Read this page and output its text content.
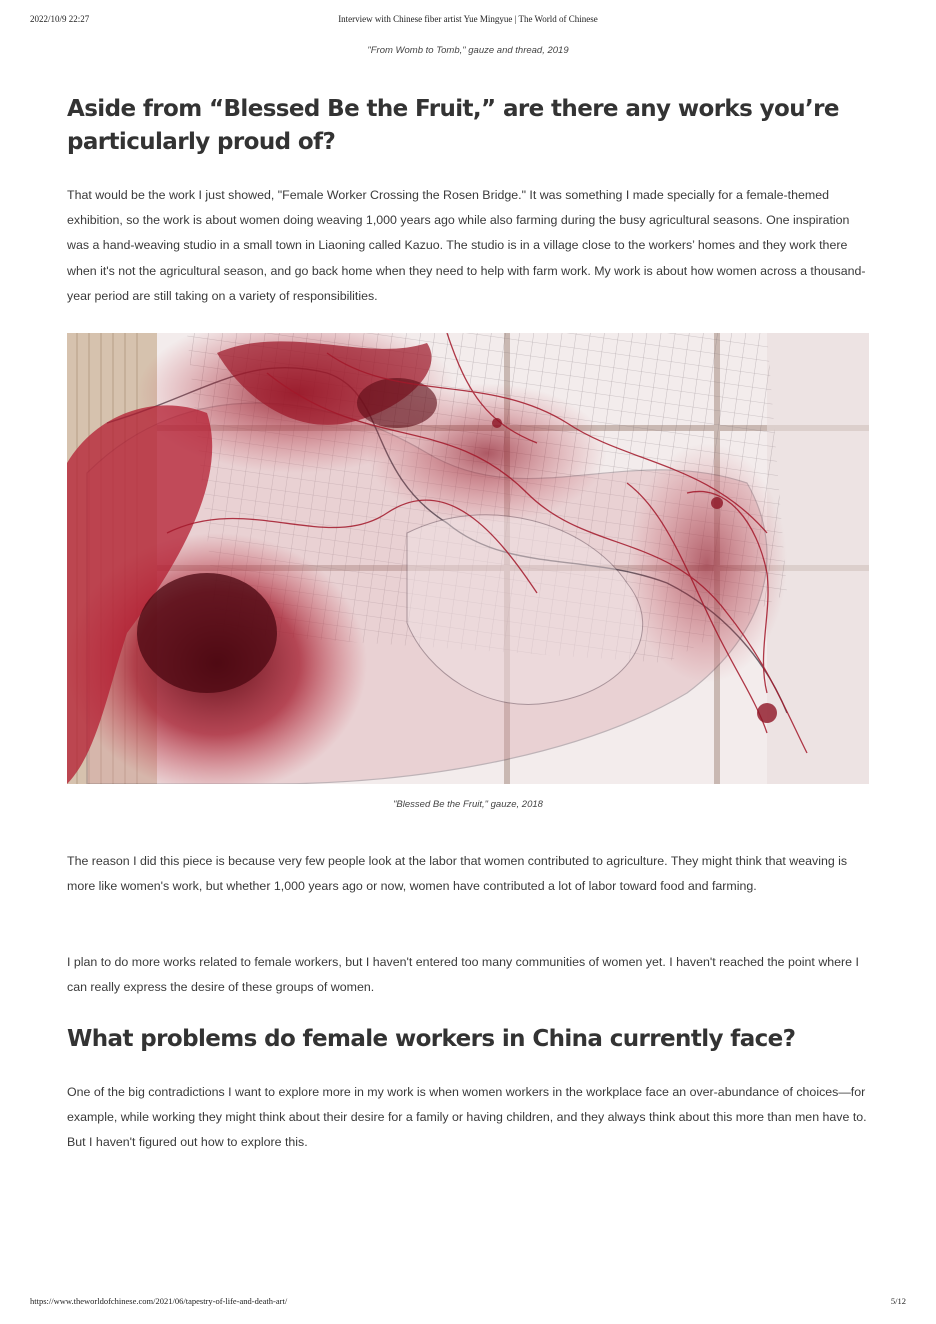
2022/10/9 22:27	Interview with Chinese fiber artist Yue Mingyue | The World of Chinese
"From Womb to Tomb," gauze and thread, 2019
Aside from “Blessed Be the Fruit,” are there any works you’re particularly proud of?

That would be the work I just showed, "Female Worker Crossing the Rosen Bridge." It was something I made specially for a female-themed exhibition, so the work is about women doing weaving 1,000 years ago while also farming during the busy agricultural seasons. One inspiration was a hand-weaving studio in a small town in Liaoning called Kazuo. The studio is in a village close to the workers’ homes and they work there when it's not the agricultural season, and go back home when they need to help with farm work. My work is about how women across a thousand-year period are still taking on a variety of responsibilities.

"Blessed Be the Fruit," gauze, 2018

The reason I did this piece is because very few people look at the labor that women contributed to agriculture. They might think that weaving is more like women's work, but whether 1,000 years ago or now, women have contributed a lot of labor toward food and farming.

I plan to do more works related to female workers, but I haven't entered too many communities of women yet. I haven't reached the point where I can really express the desire of these groups of women.

What problems do female workers in China currently face?

One of the big contradictions I want to explore more in my work is when women workers in the workplace face an over-abundance of choices—for example, while working they might think about their desire for a family or having children, and they always think about this more than men have to. But I haven't figured out how to explore this.

https://www.theworldofchinese.com/2021/06/tapestry-of-life-and-death-art/	5/12
